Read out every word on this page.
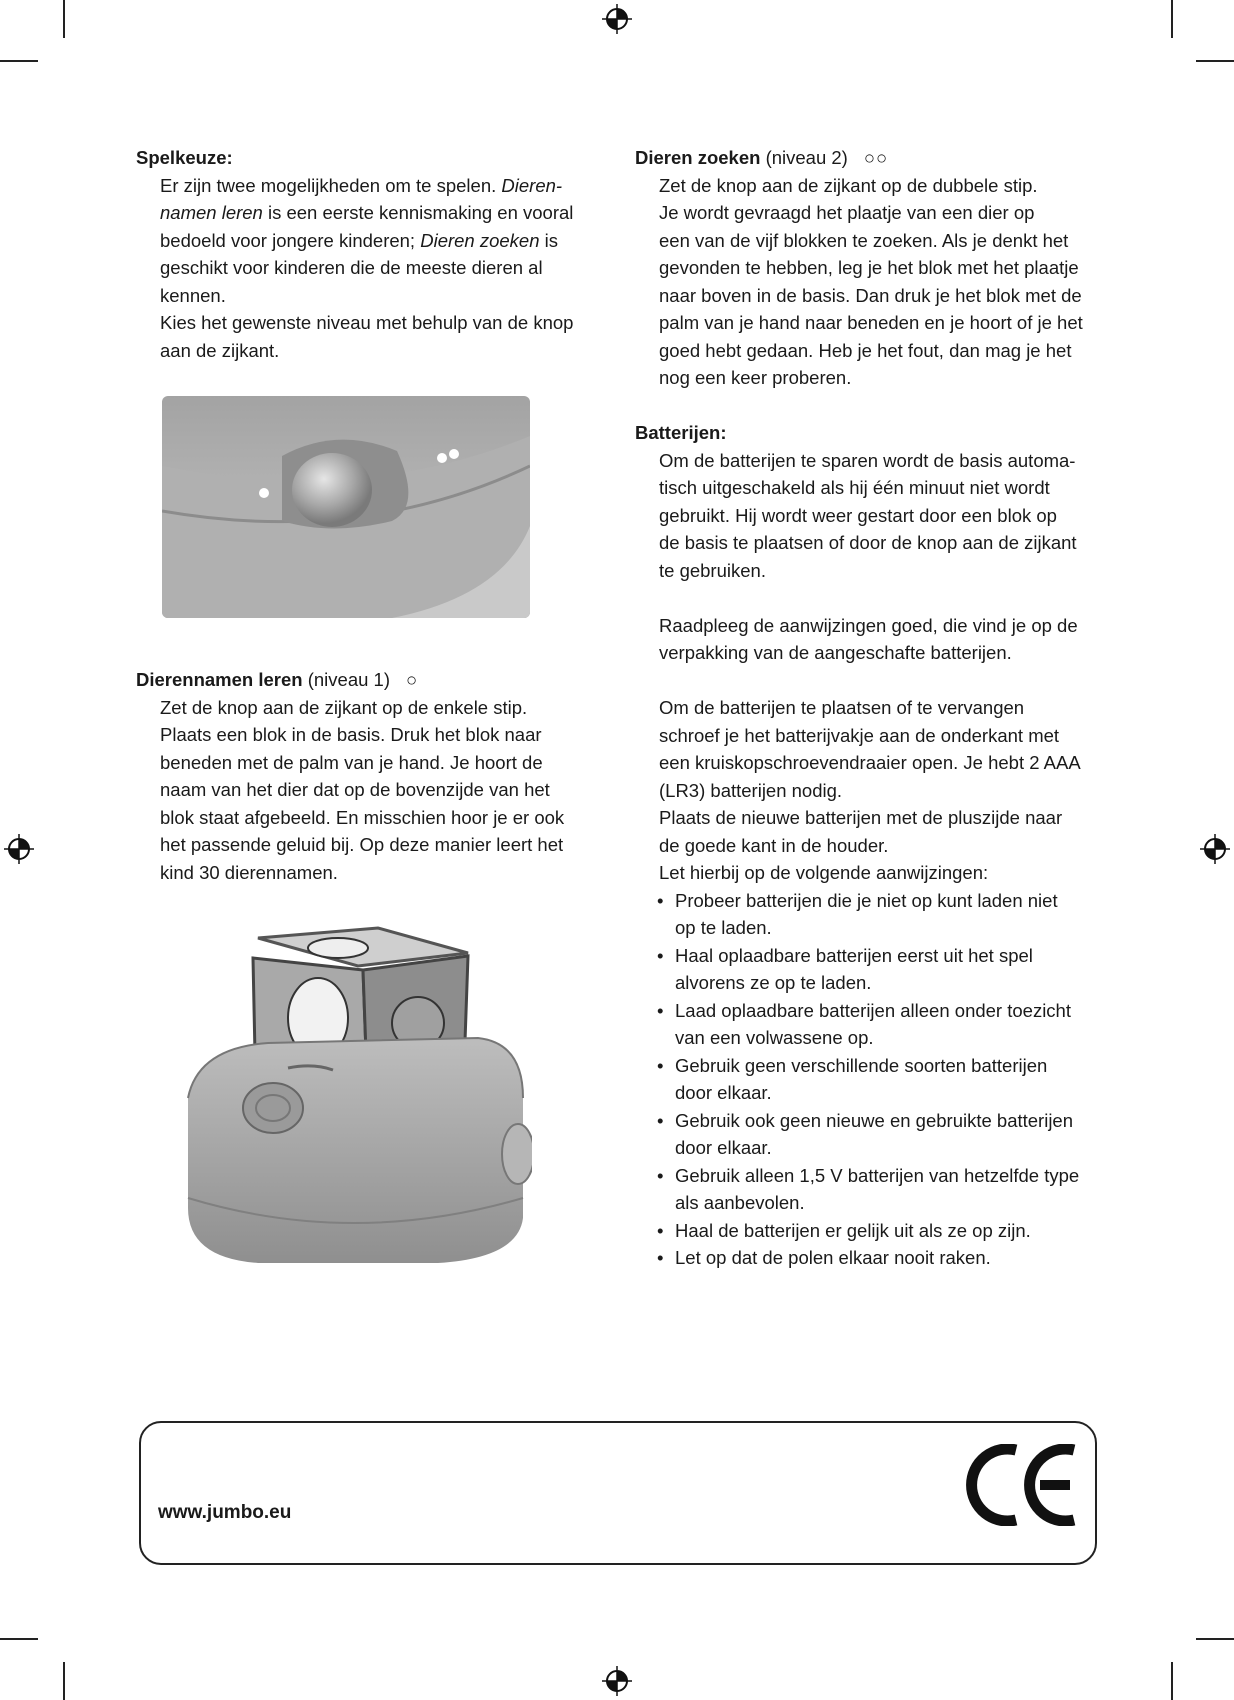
Spelkeuze:

Er zijn twee mogelijkheden om te spelen. Dieren-

namen leren is een eerste kennismaking en vooral

bedoeld voor jongere kinderen; Dieren zoeken is

geschikt voor kinderen die de meeste dieren al

kennen.

Kies het gewenste niveau met behulp van de knop

aan de zijkant.

Dierennamen leren (niveau 1) ○

Zet de knop aan de zijkant op de enkele stip.

Plaats een blok in de basis. Druk het blok naar

beneden met de palm van je hand. Je hoort de

naam van het dier dat op de bovenzijde van het

blok staat afgebeeld. En misschien hoor je er ook

het passende geluid bij. Op deze manier leert het

kind 30 dierennamen.

Dieren zoeken (niveau 2) ○○

Zet de knop aan de zijkant op de dubbele stip.

Je wordt gevraagd het plaatje van een dier op

een van de vijf blokken te zoeken. Als je denkt het

gevonden te hebben, leg je het blok met het plaatje

naar boven in de basis. Dan druk je het blok met de

palm van je hand naar beneden en je hoort of je het

goed hebt gedaan. Heb je het fout, dan mag je het

nog een keer proberen.

Batterijen:

Om de batterijen te sparen wordt de basis automa-

tisch uitgeschakeld als hij één minuut niet wordt

gebruikt. Hij wordt weer gestart door een blok op

de basis te plaatsen of door de knop aan de zijkant

te gebruiken.

Raadpleeg de aanwijzingen goed, die vind je op de

verpakking van de aangeschafte batterijen.

Om de batterijen te plaatsen of te vervangen

schroef je het batterijvakje aan de onderkant met

een kruiskopschroevendraaier open. Je hebt 2 AAA

(LR3) batterijen nodig.

Plaats de nieuwe batterijen met de pluszijde naar

de goede kant in de houder.

Let hierbij op de volgende aanwijzingen:

• Probeer batterijen die je niet op kunt laden niet

op te laden.

• Haal oplaadbare batterijen eerst uit het spel

alvorens ze op te laden.

• Laad oplaadbare batterijen alleen onder toezicht

van een volwassene op.

• Gebruik geen verschillende soorten batterijen

door elkaar.

• Gebruik ook geen nieuwe en gebruikte batterijen

door elkaar.

• Gebruik alleen 1,5 V batterijen van hetzelfde type

als aanbevolen.

• Haal de batterijen er gelijk uit als ze op zijn.

• Let op dat de polen elkaar nooit raken.

www.jumbo.eu
